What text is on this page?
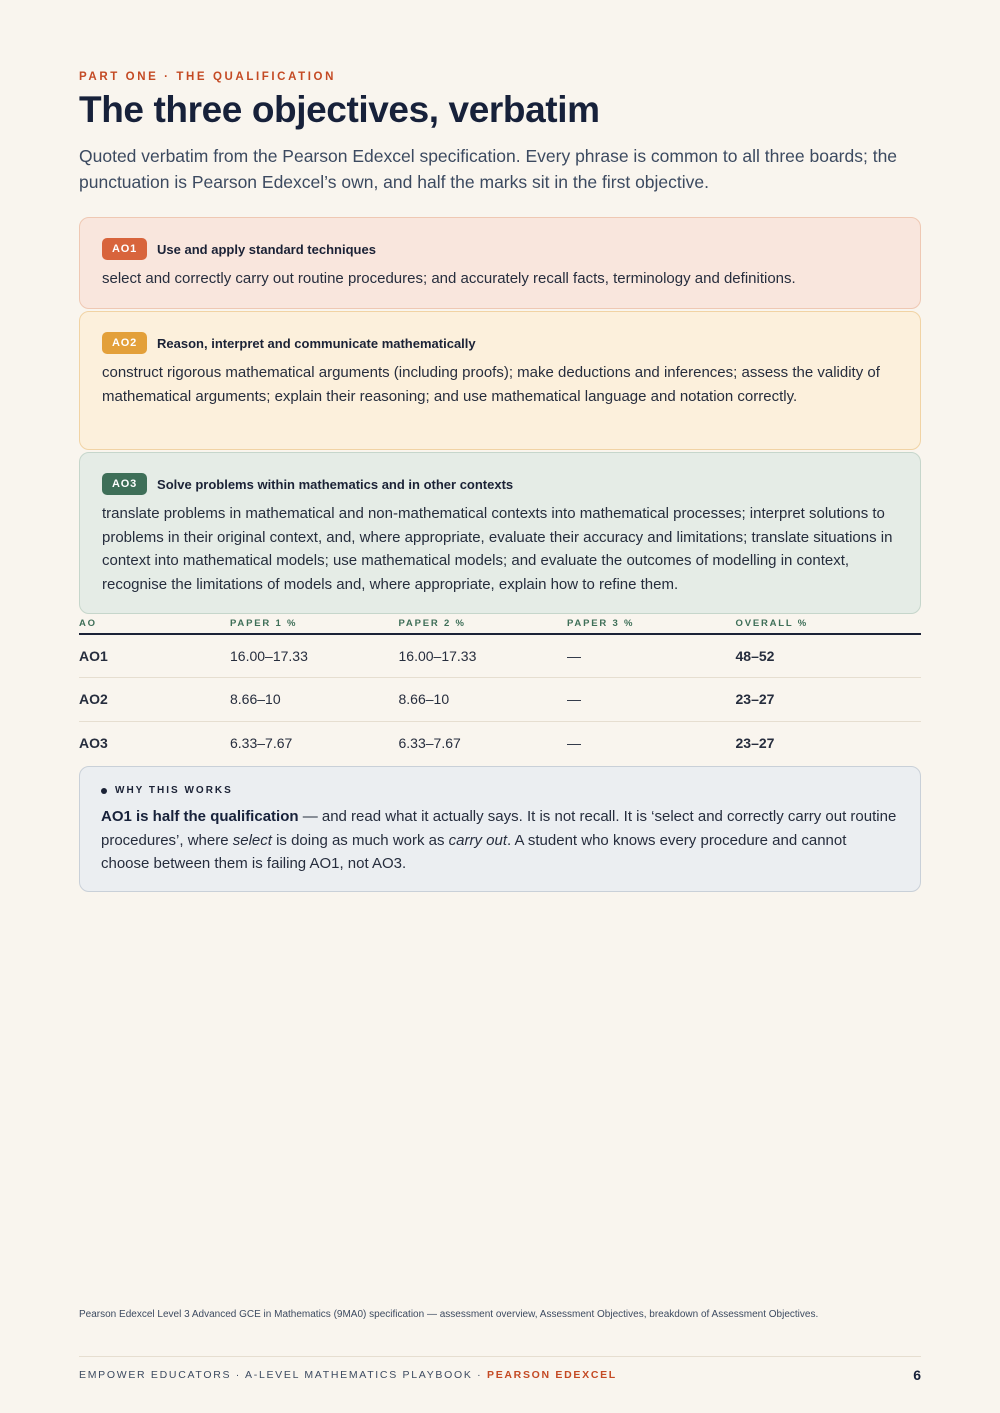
PART ONE · THE QUALIFICATION
The three objectives, verbatim

Quoted verbatim from the Pearson Edexcel specification. Every phrase is common to all three boards; the punctuation is Pearson Edexcel’s own, and half the marks sit in the first objective.

AO1	Use and apply standard techniques

select and correctly carry out routine procedures; and accurately recall facts, terminology and definitions.

AO2	Reason, interpret and communicate mathematically

construct rigorous mathematical arguments (including proofs); make deductions and inferences; assess the validity of mathematical arguments; explain their reasoning; and use mathematical language and notation correctly.

AO3	Solve problems within mathematics and in other contexts

translate problems in mathematical and non-mathematical contexts into mathematical processes; interpret solutions to problems in their original context, and, where appropriate, evaluate their accuracy and limitations; translate situations in context into mathematical models; use mathematical models; and evaluate the outcomes of modelling in context, recognise the limitations of models and, where appropriate, explain how to refine them.

AO	PAPER 1 %	PAPER 2 %	PAPER 3 %	OVERALL %
AO1	16.00–17.33	16.00–17.33	—	48–52
AO2	8.66–10	8.66–10	—	23–27
AO3	6.33–7.67	6.33–7.67	—	23–27
WHY THIS WORKS

AO1 is half the qualification — and read what it actually says. It is not recall. It is ‘select and correctly carry out routine procedures’, where select is doing as much work as carry out. A student who knows every procedure and cannot choose between them is failing AO1, not AO3.

Pearson Edexcel Level 3 Advanced GCE in Mathematics (9MA0) specification — assessment overview, Assessment Objectives, breakdown of Assessment Objectives.

EMPOWER EDUCATORS · A-LEVEL MATHEMATICS PLAYBOOK · PEARSON EDEXCEL	6
